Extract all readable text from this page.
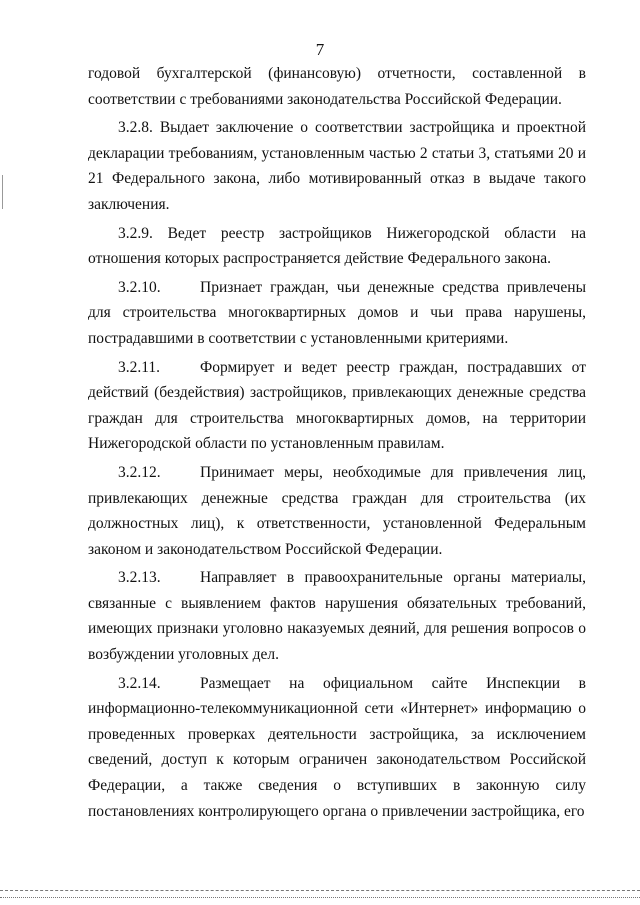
7

годовой бухгалтерской (финансовую) отчетности, составленной в соответствии с требованиями законодательства Российской Федерации.

3.2.8. Выдает заключение о соответствии застройщика и проектной декларации требованиям, установленным частью 2 статьи 3, статьями 20 и 21 Федерального закона, либо мотивированный отказ в выдаче такого заключения.

3.2.9. Ведет реестр застройщиков Нижегородской области на отношения которых распространяется действие Федерального закона.

3.2.10.	Признает граждан, чьи денежные средства привлечены для строительства многоквартирных домов и чьи права нарушены, пострадавшими в соответствии с установленными критериями.

3.2.11.	Формирует и ведет реестр граждан, пострадавших от действий (бездействия) застройщиков, привлекающих денежные средства граждан для строительства многоквартирных домов, на территории Нижегородской области по установленным правилам.

3.2.12.	Принимает меры, необходимые для привлечения лиц, привлекающих денежные средства граждан для строительства (их должностных лиц), к ответственности, установленной Федеральным законом и законодательством Российской Федерации.

3.2.13.	Направляет в правоохранительные органы материалы, связанные с выявлением фактов нарушения обязательных требований, имеющих признаки уголовно наказуемых деяний, для решения вопросов о возбуждении уголовных дел.

3.2.14.	Размещает на официальном сайте Инспекции в информационно-телекоммуникационной сети «Интернет» информацию о проведенных проверках деятельности застройщика, за исключением сведений, доступ к которым ограничен законодательством Российской Федерации, а также сведения о вступивших в законную силу постановлениях контролирующего органа о привлечении застройщика, его
